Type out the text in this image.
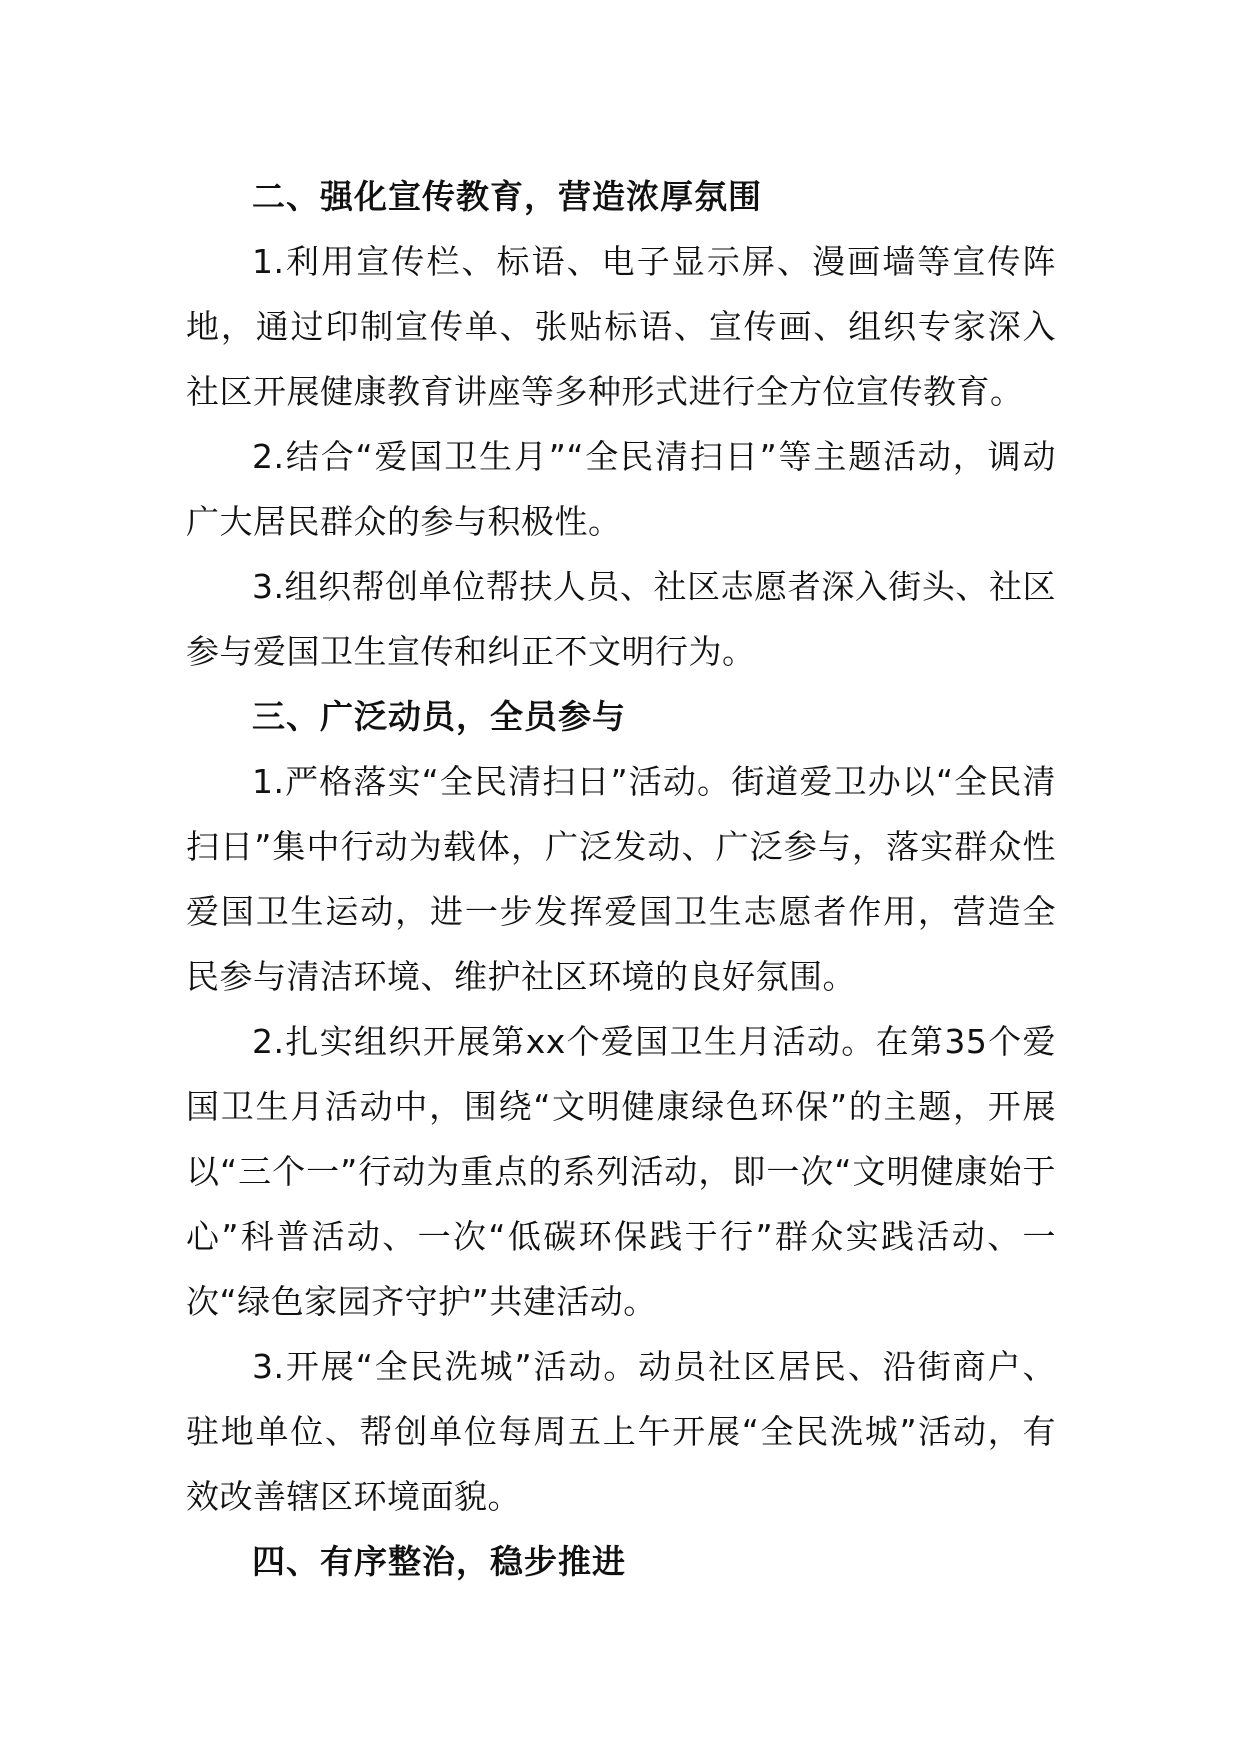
二、强化宣传教育，营造浓厚氛围

1.利用宣传栏、标语、电子显示屏、漫画墙等宣传阵地，通过印制宣传单、张贴标语、宣传画、组织专家深入社区开展健康教育讲座等多种形式进行全方位宣传教育。

2.结合“爱国卫生月”“全民清扫日”等主题活动，调动广大居民群众的参与积极性。

3.组织帮创单位帮扶人员、社区志愿者深入街头、社区参与爱国卫生宣传和纠正不文明行为。

三、广泛动员，全员参与

1.严格落实“全民清扫日”活动。街道爱卫办以“全民清扫日”集中行动为载体，广泛发动、广泛参与，落实群众性爱国卫生运动，进一步发挥爱国卫生志愿者作用，营造全民参与清洁环境、维护社区环境的良好氛围。

2.扎实组织开展第xx个爱国卫生月活动。在第35个爱国卫生月活动中，围绕“文明健康绿色环保”的主题，开展以“三个一”行动为重点的系列活动，即一次“文明健康始于心”科普活动、一次“低碳环保践于行”群众实践活动、一次“绿色家园齐守护”共建活动。

3.开展“全民洗城”活动。动员社区居民、沿街商户、驻地单位、帮创单位每周五上午开展“全民洗城”活动，有效改善辖区环境面貌。

四、有序整治，稳步推进
